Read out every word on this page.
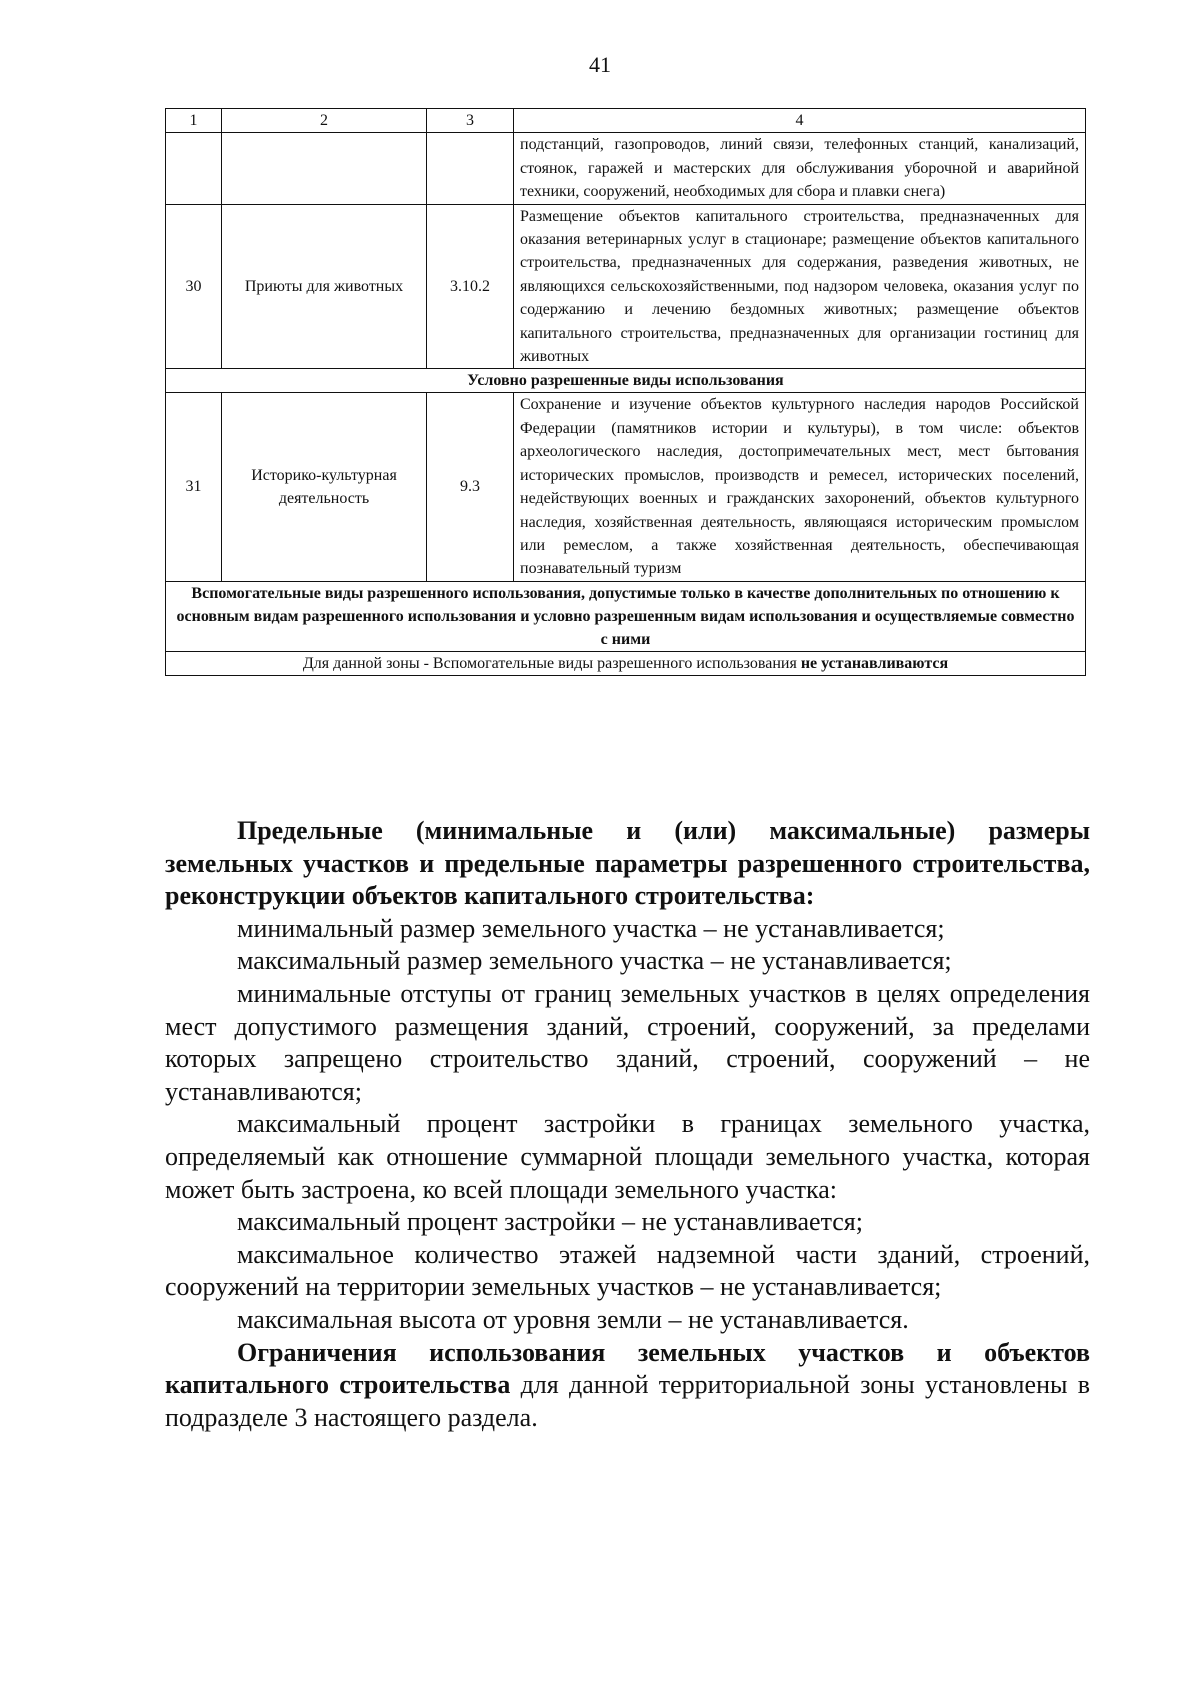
41
1	2	3	4
			подстанций, газопроводов, линий связи, телефонных станций, канализаций, стоянок, гаражей и мастерских для обслуживания уборочной и аварийной техники, сооружений, необходимых для сбора и плавки снега)
30	Приюты для животных	3.10.2	Размещение объектов капитального строительства, предназначенных для оказания ветеринарных услуг в стационаре; размещение объектов капитального строительства, предназначенных для содержания, разведения животных, не являющихся сельскохозяйственными, под надзором человека, оказания услуг по содержанию и лечению бездомных животных; размещение объектов капитального строительства, предназначенных для организации гостиниц для животных
Условно разрешенные виды использования			
31	Историко-культурная деятельность	9.3	Сохранение и изучение объектов культурного наследия народов Российской Федерации (памятников истории и культуры), в том числе: объектов археологического наследия, достопримечательных мест, мест бытования исторических промыслов, производств и ремесел, исторических поселений, недействующих военных и гражданских захоронений, объектов культурного наследия, хозяйственная деятельность, являющаяся историческим промыслом или ремеслом, а также хозяйственная деятельность, обеспечивающая познавательный туризм
Вспомогательные виды разрешенного использования, допустимые только в качестве дополнительных по отношению к основным видам разрешенного использования и условно разрешенным видам использования и осуществляемые совместно с ними			
Для данной зоны - Вспомогательные виды разрешенного использования не устанавливаются			

Предельные (минимальные и (или) максимальные) размеры земельных участков и предельные параметры разрешенного строительства, реконструкции объектов капитального строительства:

минимальный размер земельного участка – не устанавливается;

максимальный размер земельного участка – не устанавливается;

минимальные отступы от границ земельных участков в целях определения мест допустимого размещения зданий, строений, сооружений, за пределами которых запрещено строительство зданий, строений, сооружений – не устанавливаются;

максимальный процент застройки в границах земельного участка, определяемый как отношение суммарной площади земельного участка, которая может быть застроена, ко всей площади земельного участка:

максимальный процент застройки – не устанавливается;

максимальное количество этажей надземной части зданий, строений, сооружений на территории земельных участков – не устанавливается;

максимальная высота от уровня земли – не устанавливается.

Ограничения использования земельных участков и объектов капитального строительства для данной территориальной зоны установлены в подразделе 3 настоящего раздела.
